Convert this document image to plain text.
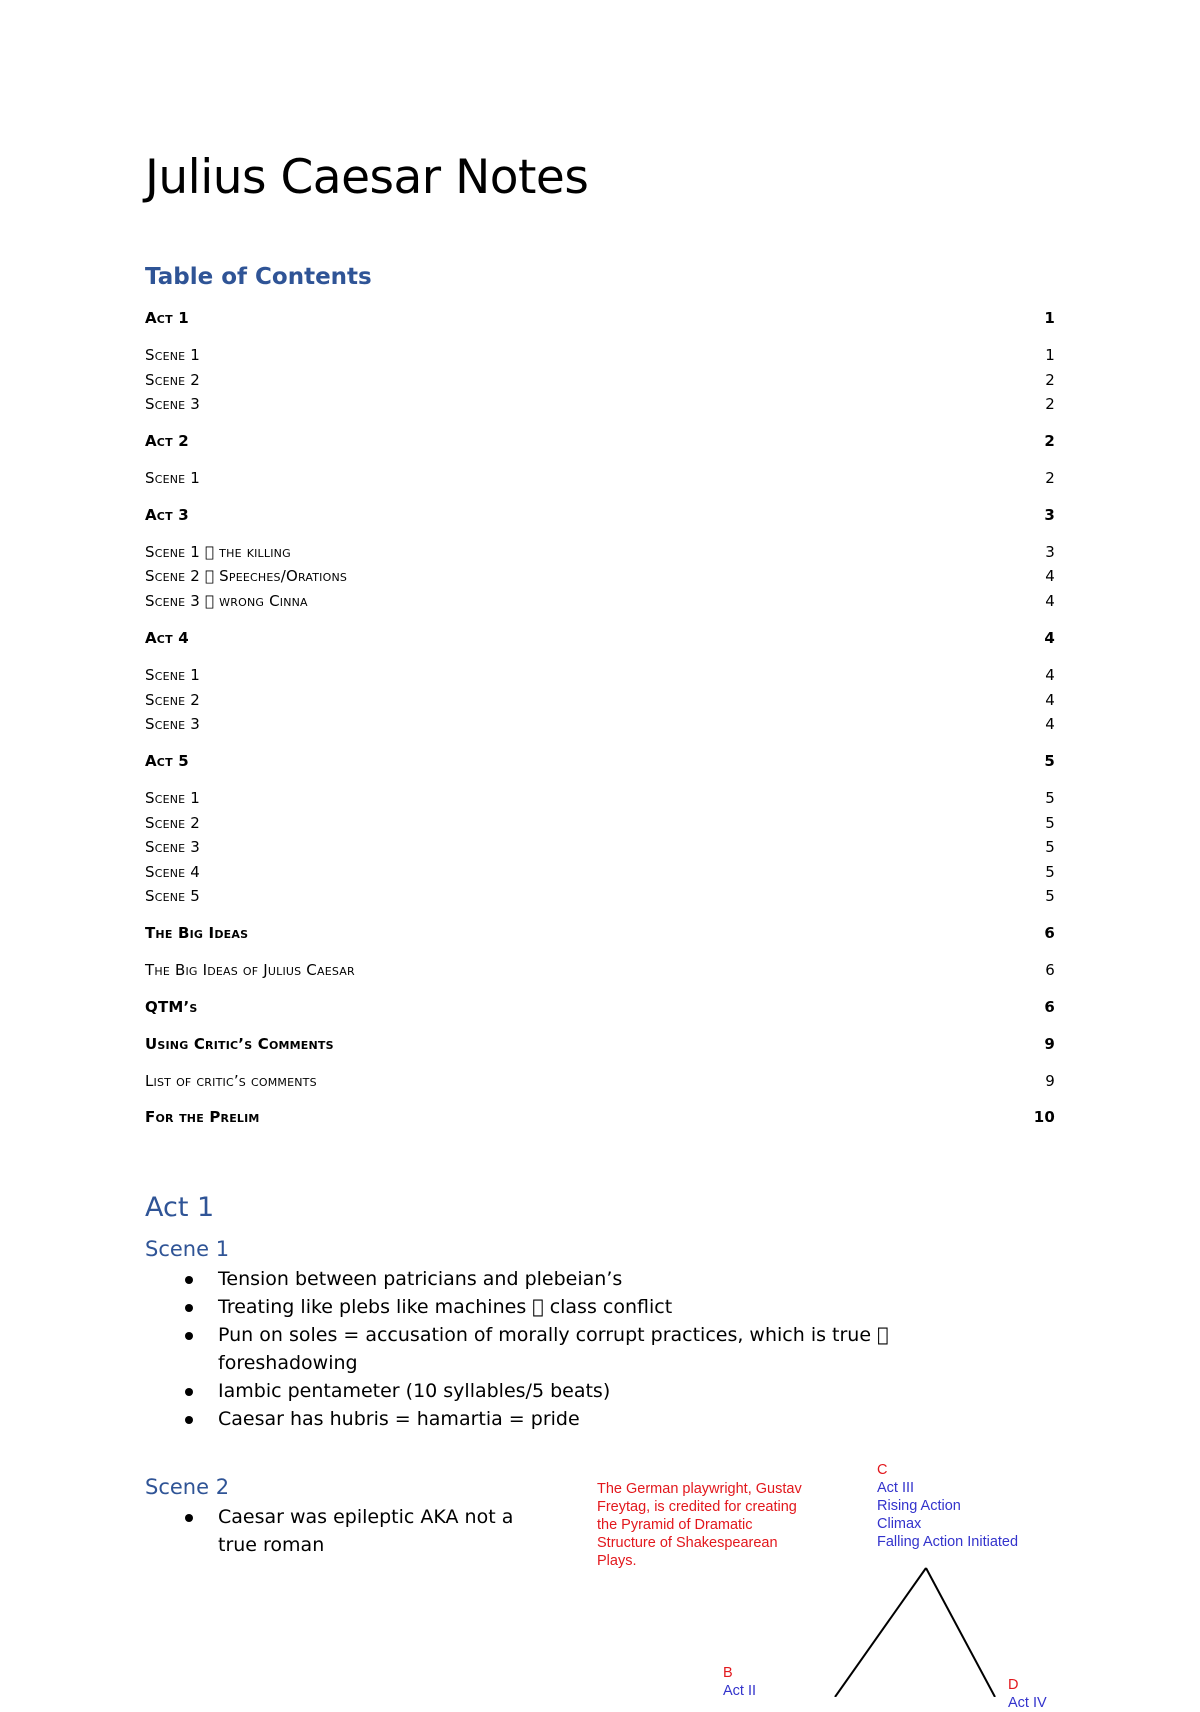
Julius Caesar Notes
Table of Contents
Act 1	1
Scene 1	1
Scene 2	2
Scene 3	2
Act 2	2
Scene 1	2
Act 3	3
Scene 1 the killing	3
Scene 2 Speeches/Orations	4
Scene 3 wrong Cinna	4
Act 4	4
Scene 1	4
Scene 2	4
Scene 3	4
Act 5	5
Scene 1	5
Scene 2	5
Scene 3	5
Scene 4	5
Scene 5	5
The Big Ideas	6
The Big Ideas of Julius Caesar	6
QTM’s	6
Using Critic’s Comments	9
List of critic’s comments	9
For the Prelim	10
Act 1
Scene 1
Tension between patricians and plebeian’s
Treating like plebs like machines class conflict
Pun on soles = accusation of morally corrupt practices, which is true foreshadowing
Iambic pentameter (10 syllables/5 beats)
Caesar has hubris = hamartia = pride
Scene 2
Caesar was epileptic AKA not a true roman
The German playwright, Gustav
Freytag, is credited for creating
the Pyramid of Dramatic
Structure of Shakespearean
Plays.
C
Act III
Rising Action
Climax
Falling Action Initiated
B
Act II	D
Act IV
